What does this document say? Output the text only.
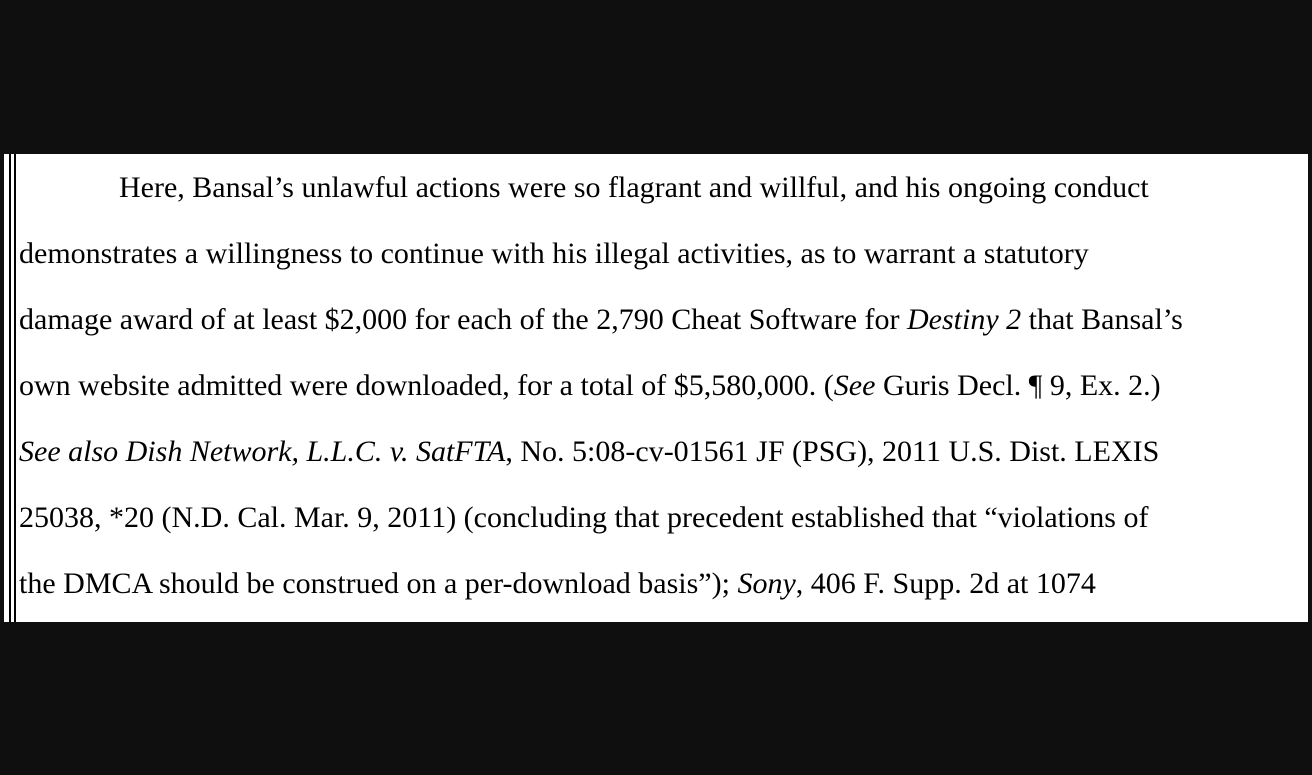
Here, Bansal’s unlawful actions were so flagrant and willful, and his ongoing conduct
demonstrates a willingness to continue with his illegal activities, as to warrant a statutory
damage award of at least $2,000 for each of the 2,790 Cheat Software for Destiny 2 that Bansal’s
own website admitted were downloaded, for a total of $5,580,000. (See Guris Decl. ¶ 9, Ex. 2.)
See also Dish Network, L.L.C. v. SatFTA, No. 5:08-cv-01561 JF (PSG), 2011 U.S. Dist. LEXIS
25038, *20 (N.D. Cal. Mar. 9, 2011) (concluding that precedent established that “violations of
the DMCA should be construed on a per-download basis”); Sony, 406 F. Supp. 2d at 1074
